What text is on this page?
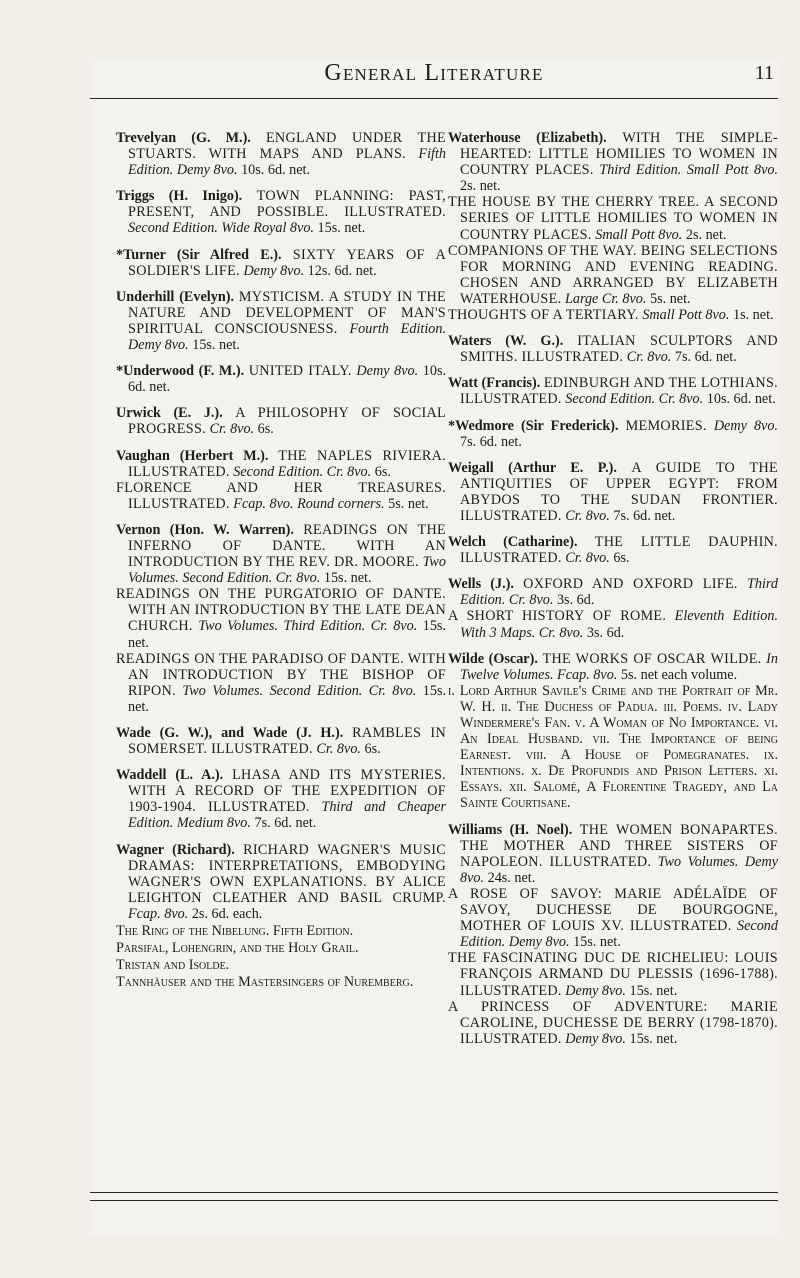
General Literature	11
Trevelyan (G. M.). ENGLAND UNDER THE STUARTS. WITH MAPS AND PLANS. Fifth Edition. Demy 8vo. 10s. 6d. net.
Triggs (H. Inigo). TOWN PLANNING: PAST, PRESENT, AND POSSIBLE. ILLUSTRATED. Second Edition. Wide Royal 8vo. 15s. net.
*Turner (Sir Alfred E.). SIXTY YEARS OF A SOLDIER'S LIFE. Demy 8vo. 12s. 6d. net.
Underhill (Evelyn). MYSTICISM. A STUDY IN THE NATURE AND DEVELOPMENT OF MAN'S SPIRITUAL CONSCIOUSNESS. Fourth Edition. Demy 8vo. 15s. net.
*Underwood (F. M.). UNITED ITALY. Demy 8vo. 10s. 6d. net.
Urwick (E. J.). A PHILOSOPHY OF SOCIAL PROGRESS. Cr. 8vo. 6s.
Vaughan (Herbert M.). THE NAPLES RIVIERA. ILLUSTRATED. Second Edition. Cr. 8vo. 6s.
FLORENCE AND HER TREASURES. ILLUSTRATED. Fcap. 8vo. Round corners. 5s. net.
Vernon (Hon. W. Warren). READINGS ON THE INFERNO OF DANTE. WITH AN INTRODUCTION BY THE REV. DR. MOORE. Two Volumes. Second Edition. Cr. 8vo. 15s. net.
READINGS ON THE PURGATORIO OF DANTE. WITH AN INTRODUCTION BY THE LATE DEAN CHURCH. Two Volumes. Third Edition. Cr. 8vo. 15s. net.
READINGS ON THE PARADISO OF DANTE. WITH AN INTRODUCTION BY THE BISHOP OF RIPON. Two Volumes. Second Edition. Cr. 8vo. 15s. net.
Wade (G. W.), and Wade (J. H.). RAMBLES IN SOMERSET. ILLUSTRATED. Cr. 8vo. 6s.
Waddell (L. A.). LHASA AND ITS MYSTERIES. WITH A RECORD OF THE EXPEDITION OF 1903-1904. ILLUSTRATED. Third and Cheaper Edition. Medium 8vo. 7s. 6d. net.
Wagner (Richard). RICHARD WAGNER'S MUSIC DRAMAS: INTERPRETATIONS, EMBODYING WAGNER'S OWN EXPLANATIONS. BY ALICE LEIGHTON CLEATHER AND BASIL CRUMP. Fcap. 8vo. 2s. 6d. each.
The Ring of the Nibelung. Fifth Edition.
Parsifal, Lohengrin, and the Holy Grail.
Tristan and Isolde.
Tannhäuser and the Mastersingers of Nuremberg.
Waterhouse (Elizabeth). WITH THE SIMPLE-HEARTED: LITTLE HOMILIES TO WOMEN IN COUNTRY PLACES. Third Edition. Small Pott 8vo. 2s. net.
THE HOUSE BY THE CHERRY TREE. A SECOND SERIES OF LITTLE HOMILIES TO WOMEN IN COUNTRY PLACES. Small Pott 8vo. 2s. net.
COMPANIONS OF THE WAY. BEING SELECTIONS FOR MORNING AND EVENING READING. CHOSEN AND ARRANGED BY ELIZABETH WATERHOUSE. Large Cr. 8vo. 5s. net.
THOUGHTS OF A TERTIARY. Small Pott 8vo. 1s. net.
Waters (W. G.). ITALIAN SCULPTORS AND SMITHS. ILLUSTRATED. Cr. 8vo. 7s. 6d. net.
Watt (Francis). EDINBURGH AND THE LOTHIANS. ILLUSTRATED. Second Edition. Cr. 8vo. 10s. 6d. net.
*Wedmore (Sir Frederick). MEMORIES. Demy 8vo. 7s. 6d. net.
Weigall (Arthur E. P.). A GUIDE TO THE ANTIQUITIES OF UPPER EGYPT: FROM ABYDOS TO THE SUDAN FRONTIER. ILLUSTRATED. Cr. 8vo. 7s. 6d. net.
Welch (Catharine). THE LITTLE DAUPHIN. ILLUSTRATED. Cr. 8vo. 6s.
Wells (J.). OXFORD AND OXFORD LIFE. Third Edition. Cr. 8vo. 3s. 6d.
A SHORT HISTORY OF ROME. Eleventh Edition. With 3 Maps. Cr. 8vo. 3s. 6d.
Wilde (Oscar). THE WORKS OF OSCAR WILDE. In Twelve Volumes. Fcap. 8vo. 5s. net each volume.
i. Lord Arthur Savile's Crime and the Portrait of Mr. W. H. ii. The Duchess of Padua. iii. Poems. iv. Lady Windermere's Fan. v. A Woman of No Importance. vi. An Ideal Husband. vii. The Importance of being Earnest. viii. A House of Pomegranates. ix. Intentions. x. De Profundis and Prison Letters. xi. Essays. xii. Salomé, A Florentine Tragedy, and La Sainte Courtisane.
Williams (H. Noel). THE WOMEN BONAPARTES. THE MOTHER AND THREE SISTERS OF NAPOLEON. ILLUSTRATED. Two Volumes. Demy 8vo. 24s. net.
A ROSE OF SAVOY: MARIE ADÉLAÏDE OF SAVOY, DUCHESSE DE BOURGOGNE, MOTHER OF LOUIS XV. ILLUSTRATED. Second Edition. Demy 8vo. 15s. net.
THE FASCINATING DUC DE RICHELIEU: LOUIS FRANÇOIS ARMAND DU PLESSIS (1696-1788). ILLUSTRATED. Demy 8vo. 15s. net.
A PRINCESS OF ADVENTURE: MARIE CAROLINE, DUCHESSE DE BERRY (1798-1870). ILLUSTRATED. Demy 8vo. 15s. net.
